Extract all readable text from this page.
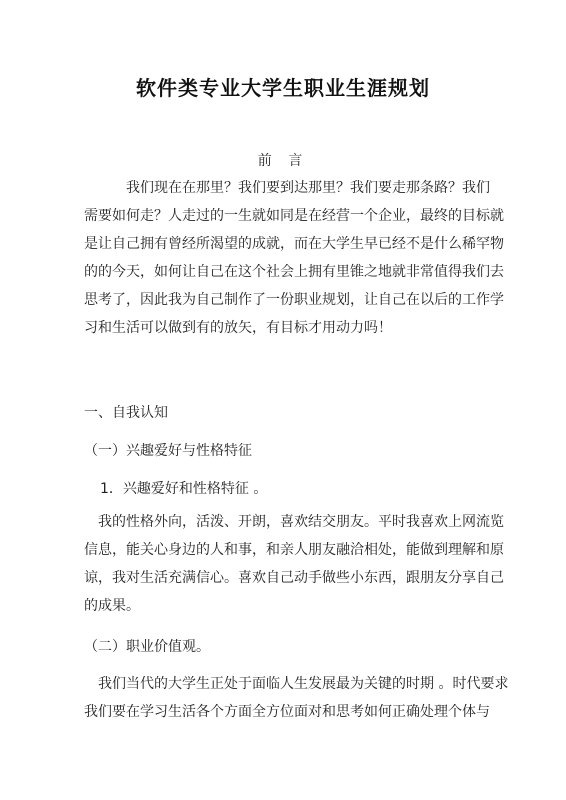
软件类专业大学生职业生涯规划
前 言
我们现在在那里？我们要到达那里？我们要走那条路？我们
需要如何走？人走过的一生就如同是在经营一个企业，最终的目标就
是让自己拥有曾经所渴望的成就，而在大学生早已经不是什么稀罕物
的的今天，如何让自己在这个社会上拥有里锥之地就非常值得我们去
思考了，因此我为自己制作了一份职业规划，让自己在以后的工作学
习和生活可以做到有的放矢，有目标才用动力吗！
一、自我认知
（一）兴趣爱好与性格特征
1．兴趣爱好和性格特征 。
我的性格外向，活泼、开朗，喜欢结交朋友。平时我喜欢上网流览
信息，能关心身边的人和事，和亲人朋友融洽相处，能做到理解和原
谅，我对生活充满信心。喜欢自己动手做些小东西，跟朋友分享自己
的成果。
（二）职业价值观。
我们当代的大学生正处于面临人生发展最为关键的时期 。时代要求
我们要在学习生活各个方面全方位面对和思考如何正确处理个体与
